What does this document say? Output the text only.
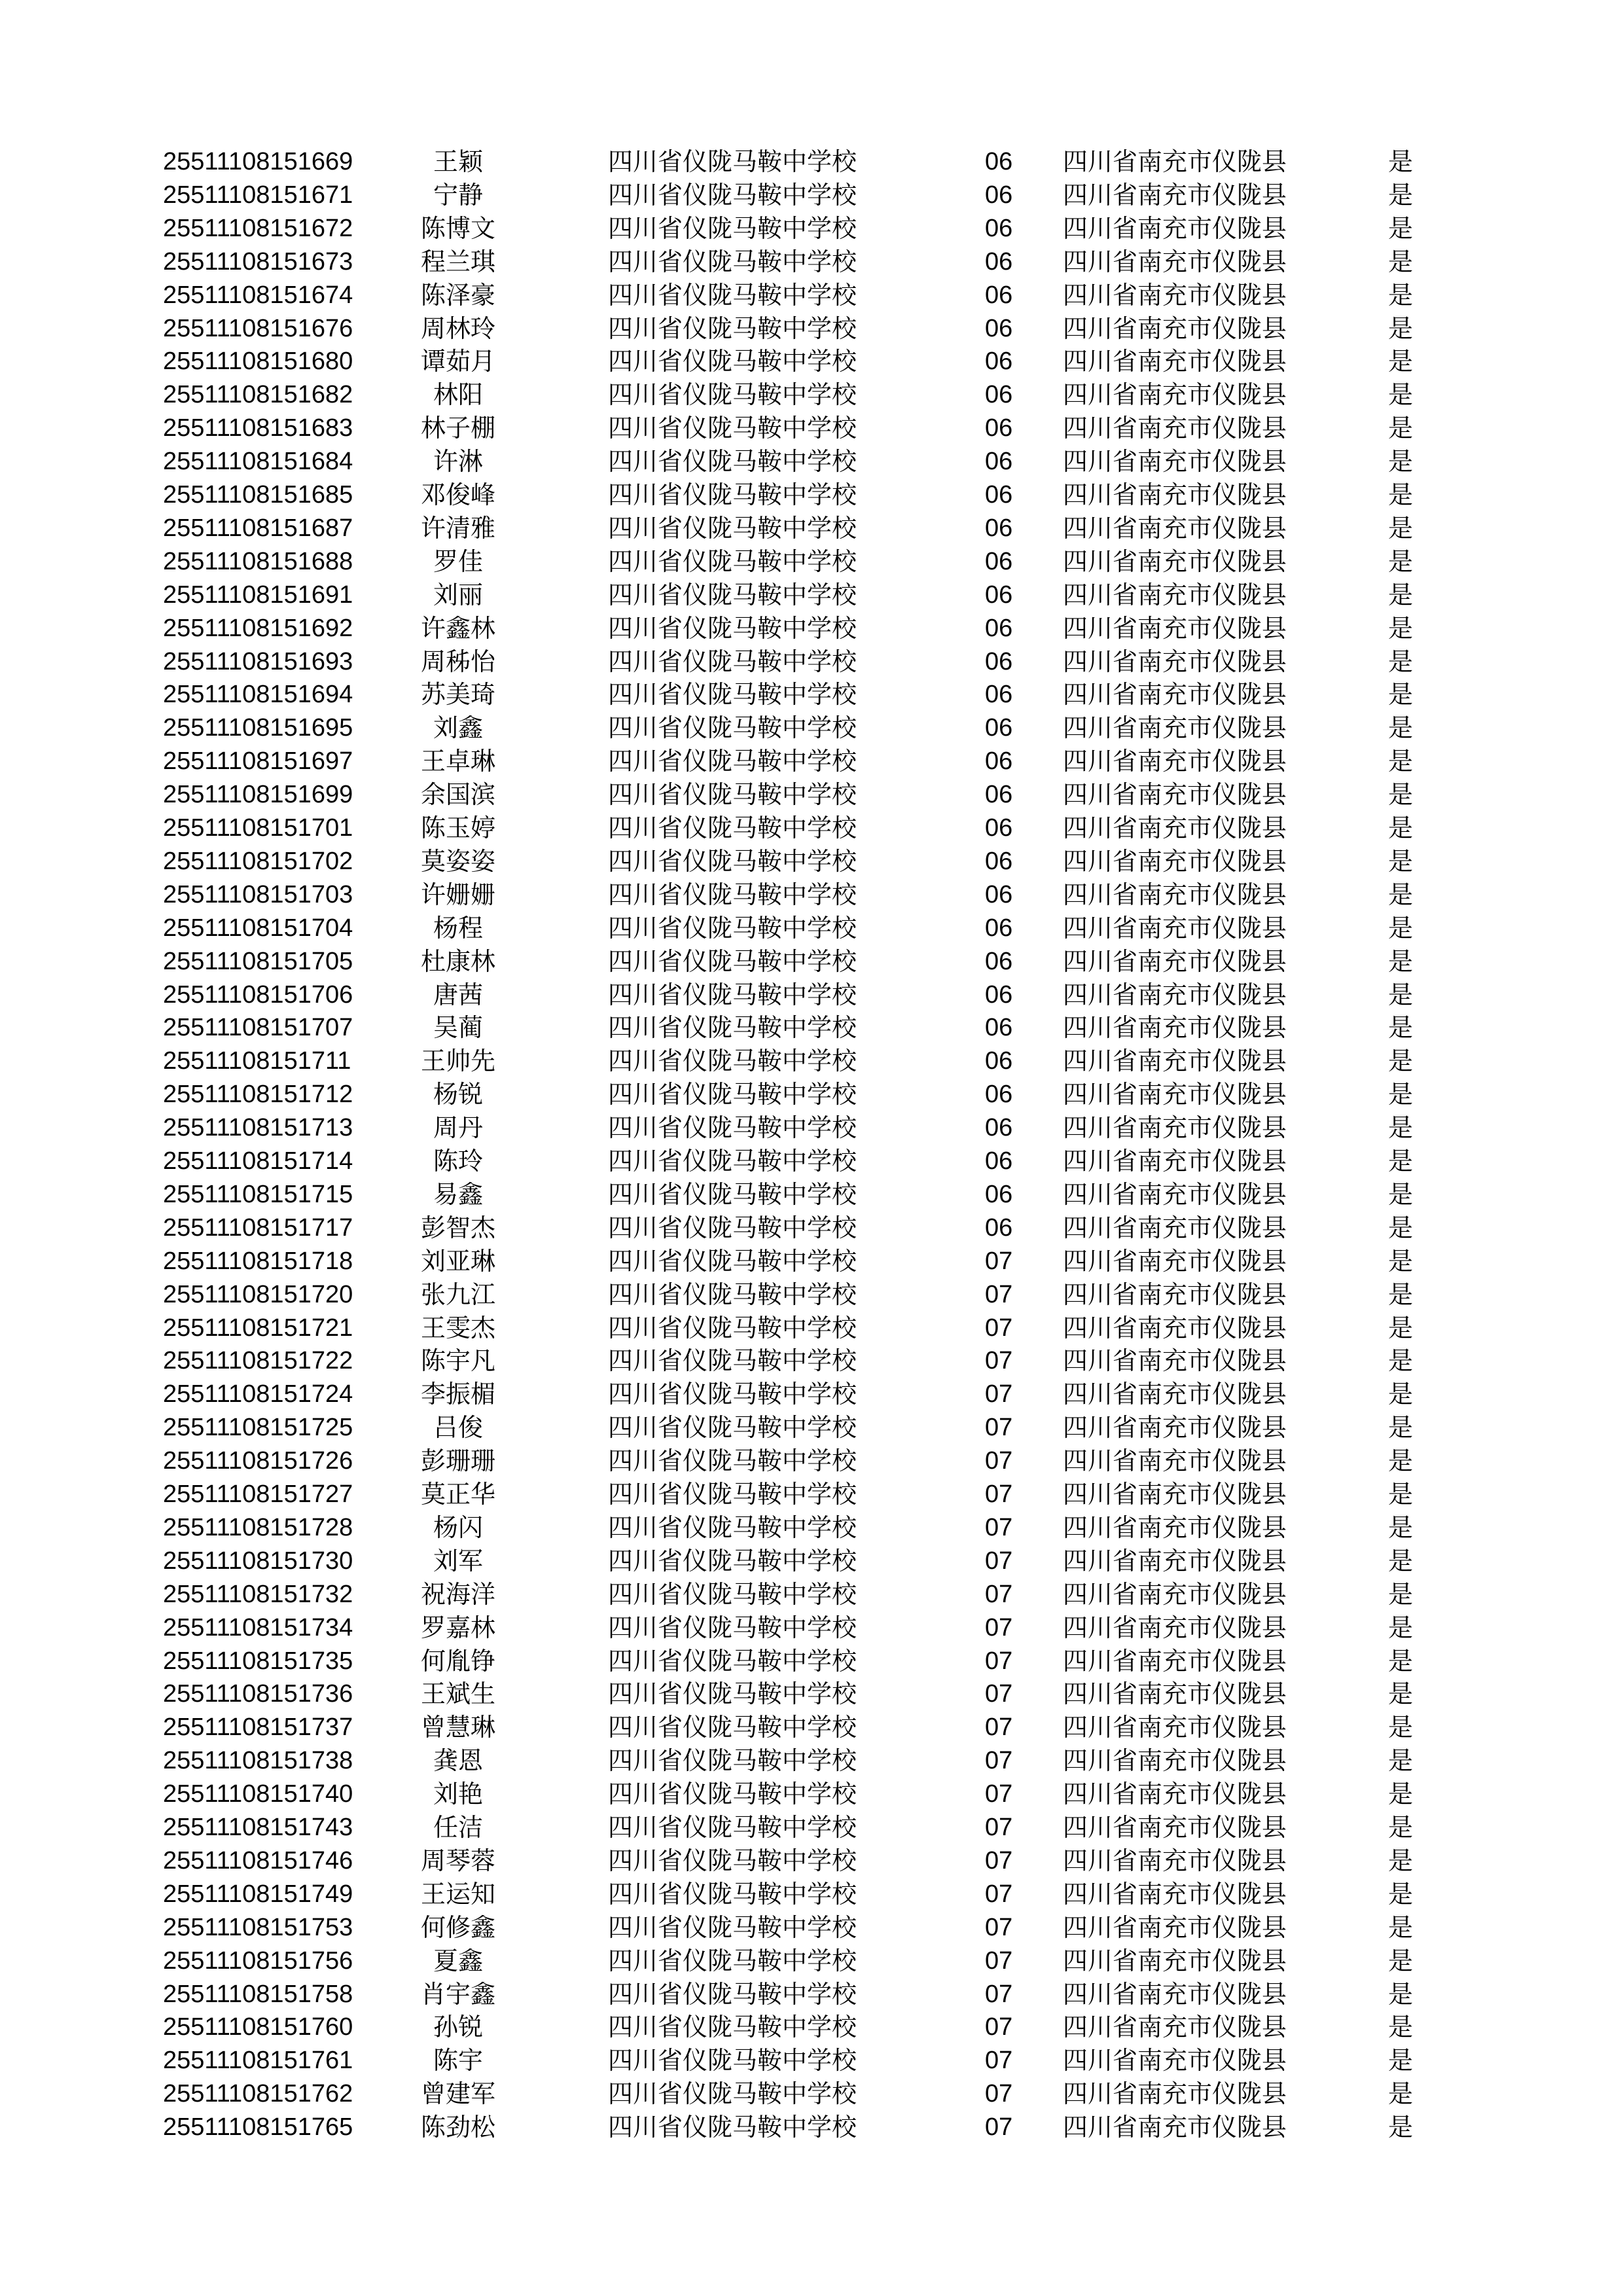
25511108151669	王颖	四川省仪陇马鞍中学校	06 四川省南充市仪陇县	是
25511108151671	宁静	四川省仪陇马鞍中学校	06 四川省南充市仪陇县	是
25511108151672	陈博文	四川省仪陇马鞍中学校	06 四川省南充市仪陇县	是
25511108151673	程兰琪	四川省仪陇马鞍中学校	06 四川省南充市仪陇县	是
25511108151674	陈泽豪	四川省仪陇马鞍中学校	06 四川省南充市仪陇县	是
25511108151676	周林玲	四川省仪陇马鞍中学校	06 四川省南充市仪陇县	是
25511108151680	谭茹月	四川省仪陇马鞍中学校	06 四川省南充市仪陇县	是
25511108151682	林阳	四川省仪陇马鞍中学校	06 四川省南充市仪陇县	是
25511108151683	林子棚	四川省仪陇马鞍中学校	06 四川省南充市仪陇县	是
25511108151684	许淋	四川省仪陇马鞍中学校	06 四川省南充市仪陇县	是
25511108151685	邓俊峰	四川省仪陇马鞍中学校	06 四川省南充市仪陇县	是
25511108151687	许清雅	四川省仪陇马鞍中学校	06 四川省南充市仪陇县	是
25511108151688	罗佳	四川省仪陇马鞍中学校	06 四川省南充市仪陇县	是
25511108151691	刘丽	四川省仪陇马鞍中学校	06 四川省南充市仪陇县	是
25511108151692	许鑫林	四川省仪陇马鞍中学校	06 四川省南充市仪陇县	是
25511108151693	周秭怡	四川省仪陇马鞍中学校	06 四川省南充市仪陇县	是
25511108151694	苏美琦	四川省仪陇马鞍中学校	06 四川省南充市仪陇县	是
25511108151695	刘鑫	四川省仪陇马鞍中学校	06 四川省南充市仪陇县	是
25511108151697	王卓琳	四川省仪陇马鞍中学校	06 四川省南充市仪陇县	是
25511108151699	余国滨	四川省仪陇马鞍中学校	06 四川省南充市仪陇县	是
25511108151701	陈玉婷	四川省仪陇马鞍中学校	06 四川省南充市仪陇县	是
25511108151702	莫姿姿	四川省仪陇马鞍中学校	06 四川省南充市仪陇县	是
25511108151703	许姗姗	四川省仪陇马鞍中学校	06 四川省南充市仪陇县	是
25511108151704	杨程	四川省仪陇马鞍中学校	06 四川省南充市仪陇县	是
25511108151705	杜康林	四川省仪陇马鞍中学校	06 四川省南充市仪陇县	是
25511108151706	唐茜	四川省仪陇马鞍中学校	06 四川省南充市仪陇县	是
25511108151707	吴蔺	四川省仪陇马鞍中学校	06 四川省南充市仪陇县	是
25511108151711	王帅先	四川省仪陇马鞍中学校	06 四川省南充市仪陇县	是
25511108151712	杨锐	四川省仪陇马鞍中学校	06 四川省南充市仪陇县	是
25511108151713	周丹	四川省仪陇马鞍中学校	06 四川省南充市仪陇县	是
25511108151714	陈玲	四川省仪陇马鞍中学校	06 四川省南充市仪陇县	是
25511108151715	易鑫	四川省仪陇马鞍中学校	06 四川省南充市仪陇县	是
25511108151717	彭智杰	四川省仪陇马鞍中学校	06 四川省南充市仪陇县	是
25511108151718	刘亚琳	四川省仪陇马鞍中学校	07 四川省南充市仪陇县	是
25511108151720	张九江	四川省仪陇马鞍中学校	07 四川省南充市仪陇县	是
25511108151721	王雯杰	四川省仪陇马鞍中学校	07 四川省南充市仪陇县	是
25511108151722	陈宇凡	四川省仪陇马鞍中学校	07 四川省南充市仪陇县	是
25511108151724	李振楣	四川省仪陇马鞍中学校	07 四川省南充市仪陇县	是
25511108151725	吕俊	四川省仪陇马鞍中学校	07 四川省南充市仪陇县	是
25511108151726	彭珊珊	四川省仪陇马鞍中学校	07 四川省南充市仪陇县	是
25511108151727	莫正华	四川省仪陇马鞍中学校	07 四川省南充市仪陇县	是
25511108151728	杨闪	四川省仪陇马鞍中学校	07 四川省南充市仪陇县	是
25511108151730	刘军	四川省仪陇马鞍中学校	07 四川省南充市仪陇县	是
25511108151732	祝海洋	四川省仪陇马鞍中学校	07 四川省南充市仪陇县	是
25511108151734	罗嘉林	四川省仪陇马鞍中学校	07 四川省南充市仪陇县	是
25511108151735	何胤铮	四川省仪陇马鞍中学校	07 四川省南充市仪陇县	是
25511108151736	王斌生	四川省仪陇马鞍中学校	07 四川省南充市仪陇县	是
25511108151737	曾慧琳	四川省仪陇马鞍中学校	07 四川省南充市仪陇县	是
25511108151738	龚恩	四川省仪陇马鞍中学校	07 四川省南充市仪陇县	是
25511108151740	刘艳	四川省仪陇马鞍中学校	07 四川省南充市仪陇县	是
25511108151743	任洁	四川省仪陇马鞍中学校	07 四川省南充市仪陇县	是
25511108151746	周琴蓉	四川省仪陇马鞍中学校	07 四川省南充市仪陇县	是
25511108151749	王运知	四川省仪陇马鞍中学校	07 四川省南充市仪陇县	是
25511108151753	何修鑫	四川省仪陇马鞍中学校	07 四川省南充市仪陇县	是
25511108151756	夏鑫	四川省仪陇马鞍中学校	07 四川省南充市仪陇县	是
25511108151758	肖宇鑫	四川省仪陇马鞍中学校	07 四川省南充市仪陇县	是
25511108151760	孙锐	四川省仪陇马鞍中学校	07 四川省南充市仪陇县	是
25511108151761	陈宇	四川省仪陇马鞍中学校	07 四川省南充市仪陇县	是
25511108151762	曾建军	四川省仪陇马鞍中学校	07 四川省南充市仪陇县	是
25511108151765	陈劲松	四川省仪陇马鞍中学校	07 四川省南充市仪陇县	是
